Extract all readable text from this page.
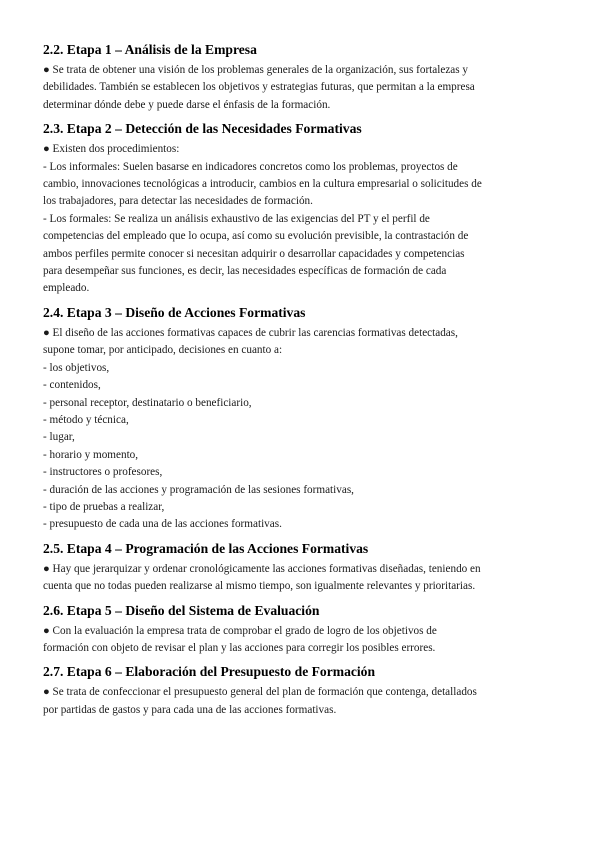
2.2. Etapa 1 – Análisis de la Empresa

● Se trata de obtener una visión de los problemas generales de la organización, sus fortalezas y

debilidades. También se establecen los objetivos y estrategias futuras, que permitan a la empresa

determinar dónde debe y puede darse el énfasis de la formación.

2.3. Etapa 2 – Detección de las Necesidades Formativas

● Existen dos procedimientos:

- Los informales: Suelen basarse en indicadores concretos como los problemas, proyectos de

cambio, innovaciones tecnológicas a introducir, cambios en la cultura empresarial o solicitudes de

los trabajadores, para detectar las necesidades de formación.

- Los formales: Se realiza un análisis exhaustivo de las exigencias del PT y el perfil de

competencias del empleado que lo ocupa, así como su evolución previsible, la contrastación de

ambos perfiles permite conocer si necesitan adquirir o desarrollar capacidades y competencias

para desempeñar sus funciones, es decir, las necesidades específicas de formación de cada

empleado.

2.4. Etapa 3 – Diseño de Acciones Formativas

● El diseño de las acciones formativas capaces de cubrir las carencias formativas detectadas,

supone tomar, por anticipado, decisiones en cuanto a:

- los objetivos,

- contenidos,

- personal receptor, destinatario o beneficiario,

- método y técnica,

- lugar,

- horario y momento,

- instructores o profesores,

- duración de las acciones y programación de las sesiones formativas,

- tipo de pruebas a realizar,

- presupuesto de cada una de las acciones formativas.

2.5. Etapa 4 – Programación de las Acciones Formativas

● Hay que jerarquizar y ordenar cronológicamente las acciones formativas diseñadas, teniendo en

cuenta que no todas pueden realizarse al mismo tiempo, son igualmente relevantes y prioritarias.

2.6. Etapa 5 – Diseño del Sistema de Evaluación

● Con la evaluación la empresa trata de comprobar el grado de logro de los objetivos de

formación con objeto de revisar el plan y las acciones para corregir los posibles errores.

2.7. Etapa 6 – Elaboración del Presupuesto de Formación

● Se trata de confeccionar el presupuesto general del plan de formación que contenga, detallados

por partidas de gastos y para cada una de las acciones formativas.
